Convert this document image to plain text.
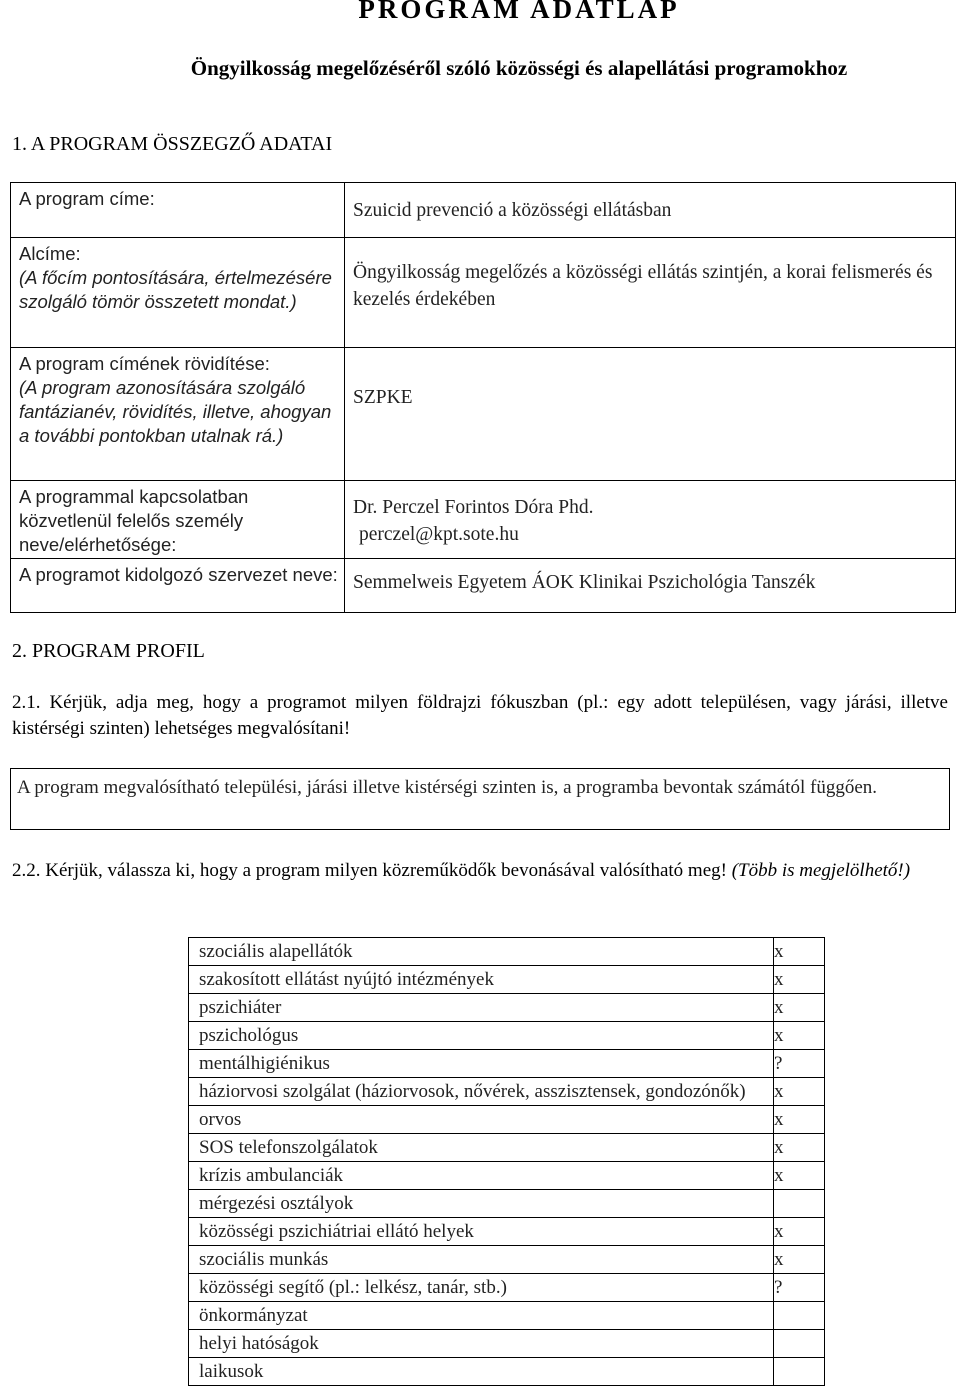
PROGRAM ADATLAP
Öngyilkosság megelőzéséről szóló közösségi és alapellátási programokhoz
1. A PROGRAM ÖSSZEGZŐ ADATAI
A program címe:	Szuicid prevenció a közösségi ellátásban

Alcíme:
(A főcím pontosítására, értelmezésére szolgáló tömör összetett mondat.)	Öngyilkosság megelőzés a közösségi ellátás szintjén, a korai felismerés és kezelés érdekében

A program címének rövidítése:
(A program azonosítására szolgáló fantázianév, rövidítés, illetve, ahogyan a további pontokban utalnak rá.)	SZPKE
A programmal kapcsolatban közvetlenül felelős személy neve/elérhetősége:	Dr. Perczel Forintos Dóra Phd.
perczel@kpt.sote.hu

A programot kidolgozó szervezet neve:	Semmelweis Egyetem ÁOK Klinikai Pszichológia Tanszék
2. PROGRAM PROFIL
2.1. Kérjük, adja meg, hogy a programot milyen földrajzi fókuszban (pl.: egy adott településen, vagy járási, illetve kistérségi szinten) lehetséges megvalósítani!
A program megvalósítható települési, járási illetve kistérségi szinten is, a programba bevontak számától függően.
2.2. Kérjük, válassza ki, hogy a program milyen közreműködők bevonásával valósítható meg! (Több is megjelölhető!)
szociális alapellátók	x
szakosított ellátást nyújtó intézmények	x
pszichiáter	x
pszichológus	x
mentálhigiénikus	?
háziorvosi szolgálat (háziorvosok, nővérek, asszisztensek, gondozónők)	x
orvos	x
SOS telefonszolgálatok	x
krízis ambulanciák	x
mérgezési osztályok	
közösségi pszichiátriai ellátó helyek	x
szociális munkás	x
közösségi segítő (pl.: lelkész, tanár, stb.)	?
önkormányzat	
helyi hatóságok	
laikusok	
